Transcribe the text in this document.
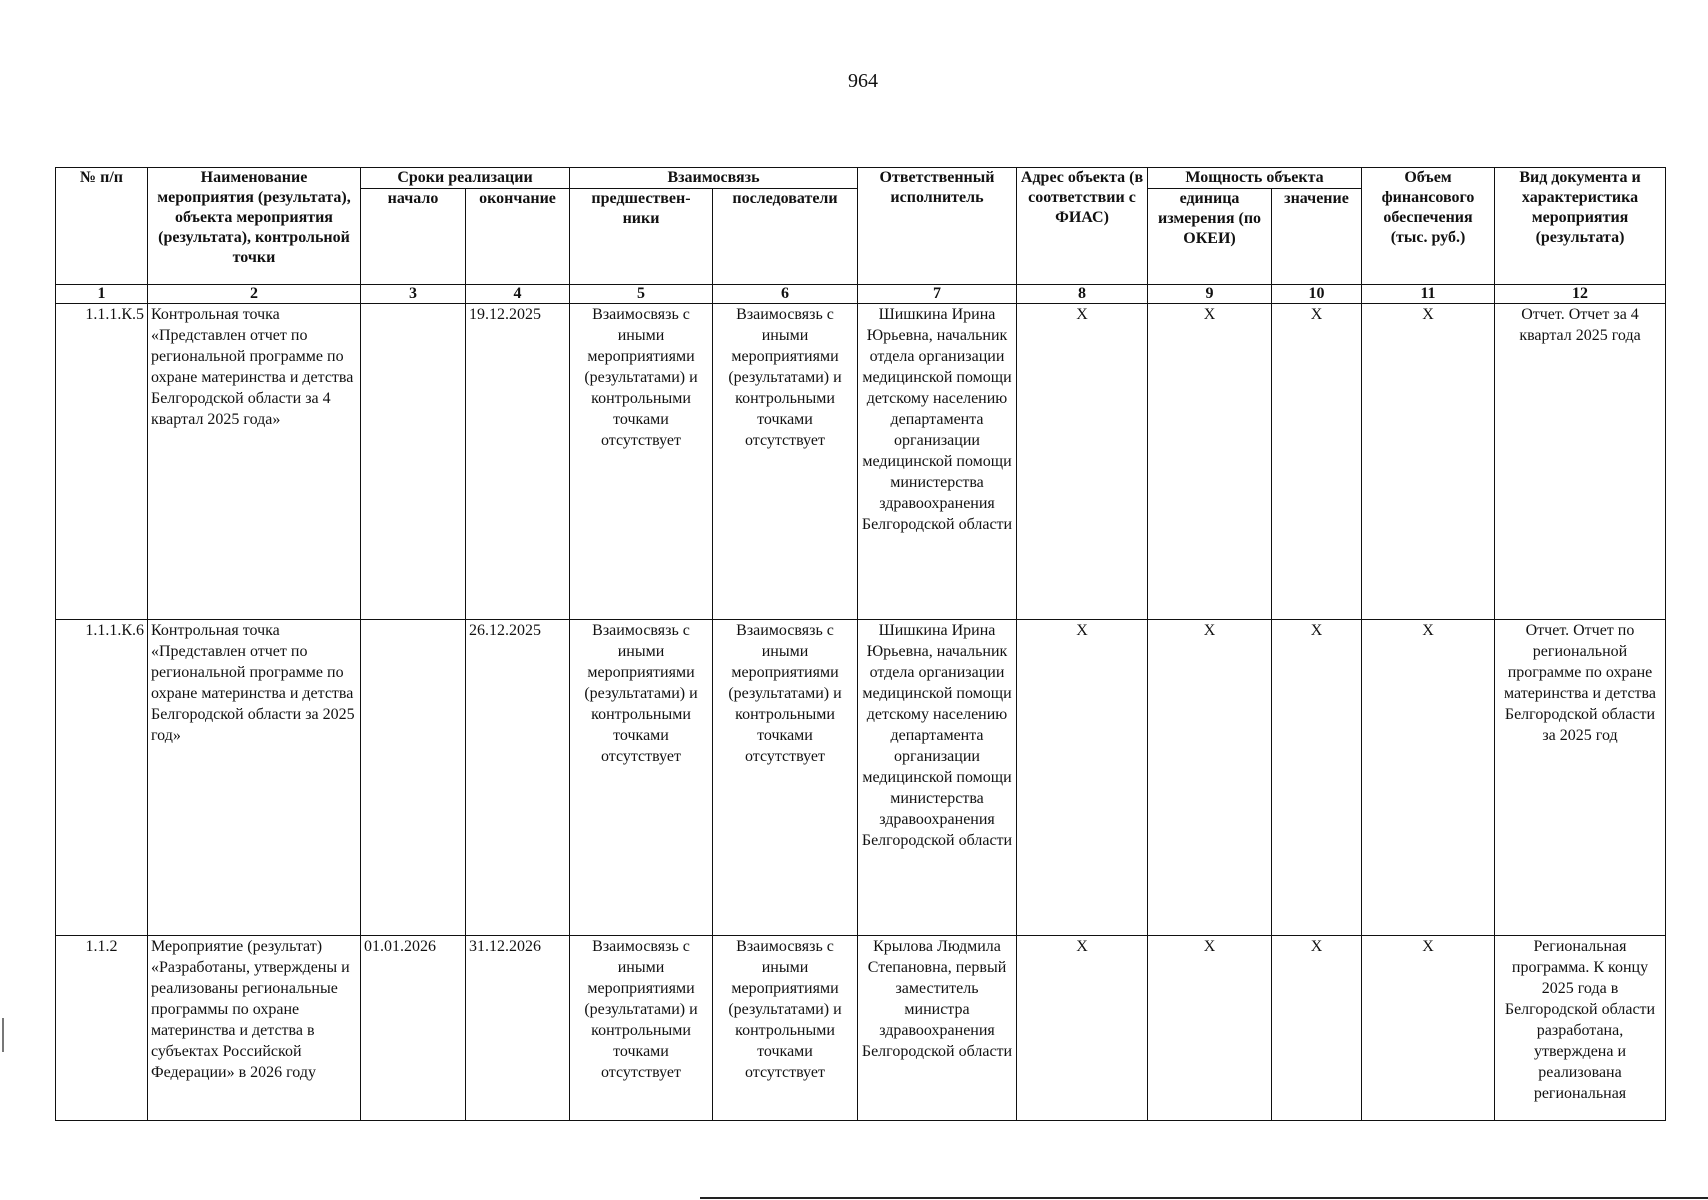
964
№ п/п	Наименование мероприятия (результата), объекта мероприятия (результата), контрольной точки	Сроки реализации		Взаимосвязь		Ответственный исполнитель	Адрес объекта (в соответствии с ФИАС)	Мощность объекта		Объем финансового обеспечения (тыс. руб.)	Вид документа и характеристика мероприятия (результата)
		начало	окончание	предшествен-ники	последователи			единица измерения (по ОКЕИ)	значение		
1	2	3	4	5	6	7	8	9	10	11	12
1.1.1.К.5	Контрольная точка «Представлен отчет по региональной программе по охране материнства и детства Белгородской области за 4 квартал 2025 года»		19.12.2025	Взаимосвязь с иными мероприятиями (результатами) и контрольными точками отсутствует	Взаимосвязь с иными мероприятиями (результатами) и контрольными точками отсутствует	Шишкина Ирина Юрьевна, начальник отдела организации медицинской помощи детскому населению департамента организации медицинской помощи министерства здравоохранения Белгородской области	X	X	X	X	Отчет. Отчет за 4 квартал 2025 года
1.1.1.К.6	Контрольная точка «Представлен отчет по региональной программе по охране материнства и детства Белгородской области за 2025 год»		26.12.2025	Взаимосвязь с иными мероприятиями (результатами) и контрольными точками отсутствует	Взаимосвязь с иными мероприятиями (результатами) и контрольными точками отсутствует	Шишкина Ирина Юрьевна, начальник отдела организации медицинской помощи детскому населению департамента организации медицинской помощи министерства здравоохранения Белгородской области	X	X	X	X	Отчет. Отчет по региональной программе по охране материнства и детства Белгородской области за 2025 год
1.1.2	Мероприятие (результат) «Разработаны, утверждены и реализованы региональные программы по охране материнства и детства в субъектах Российской Федерации» в 2026 году	01.01.2026	31.12.2026	Взаимосвязь с иными мероприятиями (результатами) и контрольными точками отсутствует	Взаимосвязь с иными мероприятиями (результатами) и контрольными точками отсутствует	Крылова Людмила Степановна, первый заместитель министра здравоохранения Белгородской области	X	X	X	X	Региональная программа. К концу 2025 года в Белгородской области разработана, утверждена и реализована региональная
